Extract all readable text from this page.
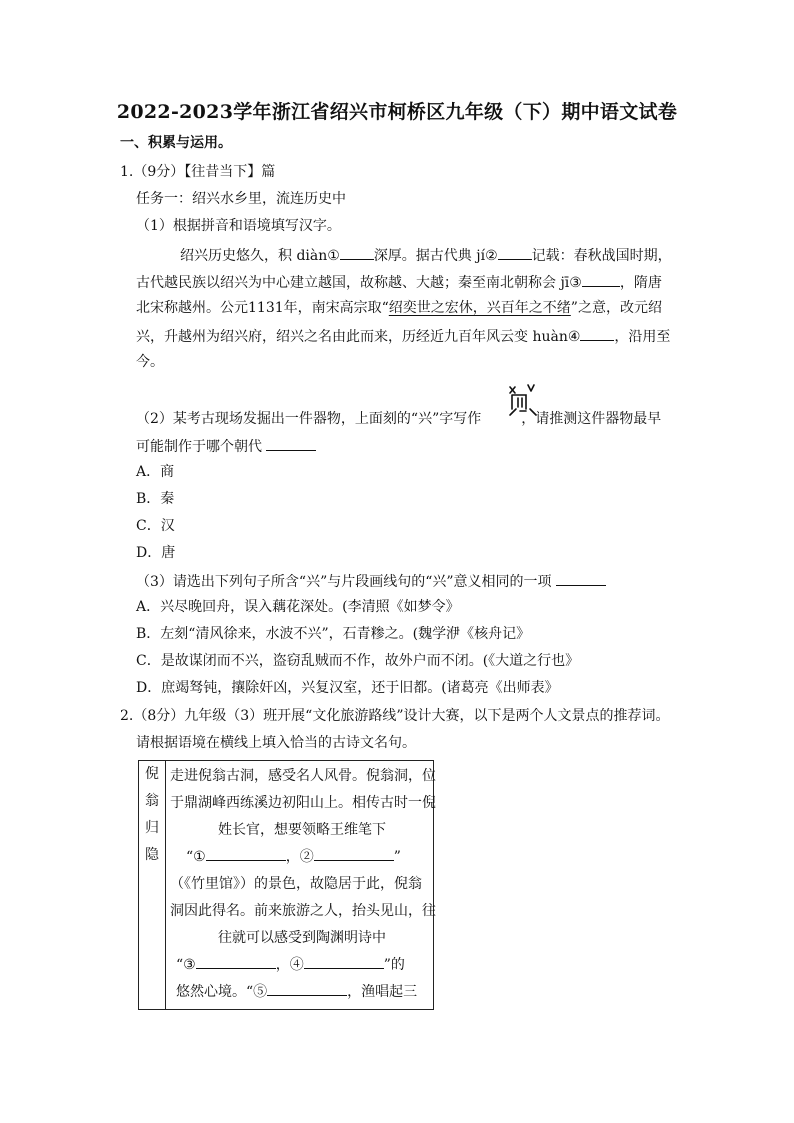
2022-2023学年浙江省绍兴市柯桥区九年级（下）期中语文试卷
一、积累与运用。
1.（9分）【往昔当下】篇
任务一：绍兴水乡里，流连历史中
（1）根据拼音和语境填写汉字。
绍兴历史悠久，积 diàn① 深厚。据古代典 jí② 记载：春秋战国时期，
古代越民族以绍兴为中心建立越国，故称越、大越；秦至南北朝称会 jī③	，隋唐
北宋称越州。公元1131年，南宋高宗取“绍奕世之宏休，兴百年之不绪”之意，改元绍
兴，升越州为绍兴府，绍兴之名由此而来，历经近九百年风云变 huàn④ ，沿用至
今。
（2）某考古现场发掘出一件器物，上面刻的“兴”字写作	，请推测这件器物最早
可能制作于哪个朝代
A．商
B．秦
C．汉
D．唐
（3）请选出下列句子所含“兴”与片段画线句的“兴”意义相同的一项
A．兴尽晚回舟，误入藕花深处。(李清照《如梦令》
B．左刻“清风徐来，水波不兴”，石青糁之。(魏学洢《核舟记》
C．是故谋闭而不兴，盗窃乱贼而不作，故外户而不闭。(《大道之行也》
D．庶竭驽钝，攘除奸凶，兴复汉室，还于旧都。(诸葛亮《出师表》
2.（8分）九年级（3）班开展“文化旅游路线”设计大赛，以下是两个人文景点的推荐词。
请根据语境在横线上填入恰当的古诗文名句。
倪
翁
归
隐

走进倪翁古洞，感受名人风骨。倪翁洞，位
于鼎湖峰西练溪边初阳山上。相传古时一倪
姓长官，想要领略王维笔下
“①	，②	”
（《竹里馆》）的景色，故隐居于此，倪翁
洞因此得名。前来旅游之人，抬头见山，往
往就可以感受到陶渊明诗中
“③	，④	”的
悠然心境。“⑤	，渔唱起三
